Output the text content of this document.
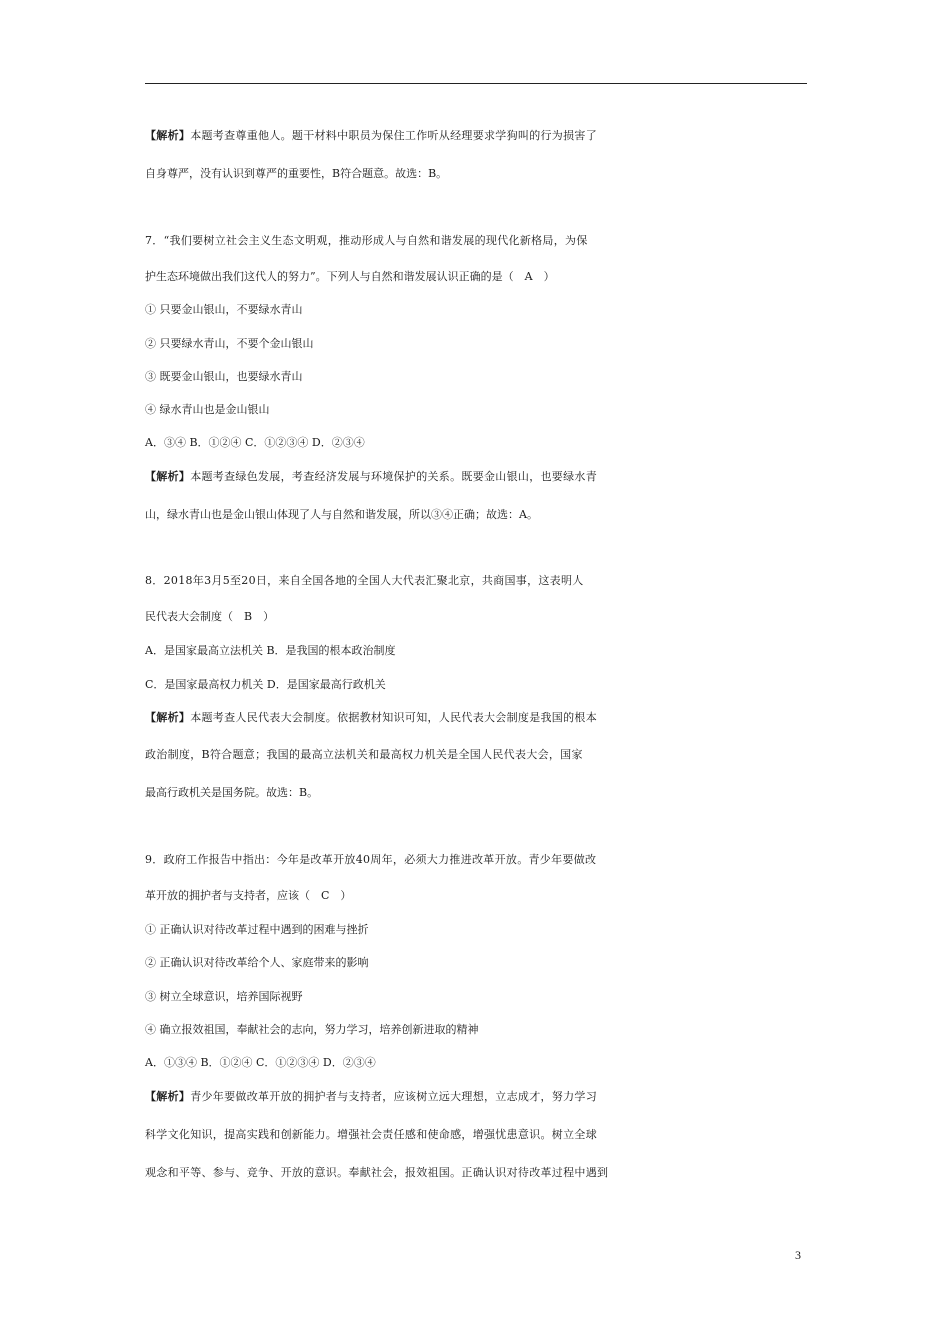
【解析】本题考查尊重他人。题干材料中职员为保住工作听从经理要求学狗叫的行为损害了
自身尊严，没有认识到尊严的重要性，B符合题意。故选：B。
7．“我们要树立社会主义生态文明观，推动形成人与自然和谐发展的现代化新格局，为保
护生态环境做出我们这代人的努力”。下列人与自然和谐发展认识正确的是（　A　）
① 只要金山银山，不要绿水青山
② 只要绿水青山，不要个金山银山
③ 既要金山银山，也要绿水青山
④ 绿水青山也是金山银山
A．③④ B．①②④ C．①②③④ D．②③④
【解析】本题考查绿色发展，考查经济发展与环境保护的关系。既要金山银山，也要绿水青
山，绿水青山也是金山银山体现了人与自然和谐发展，所以③④正确；故选：A。
8．2018年3月5至20日，来自全国各地的全国人大代表汇聚北京，共商国事，这表明人
民代表大会制度（　B　）
A．是国家最高立法机关 B．是我国的根本政治制度
C．是国家最高权力机关 D．是国家最高行政机关
【解析】本题考查人民代表大会制度。依据教材知识可知，人民代表大会制度是我国的根本
政治制度，B符合题意；我国的最高立法机关和最高权力机关是全国人民代表大会，国家
最高行政机关是国务院。故选：B。
9．政府工作报告中指出：今年是改革开放40周年，必须大力推进改革开放。青少年要做改
革开放的拥护者与支持者，应该（　C　）
① 正确认识对待改革过程中遇到的困难与挫折
② 正确认识对待改革给个人、家庭带来的影响
③ 树立全球意识，培养国际视野
④ 确立报效祖国，奉献社会的志向，努力学习，培养创新进取的精神
A．①③④ B．①②④ C．①②③④ D．②③④
【解析】青少年要做改革开放的拥护者与支持者，应该树立远大理想，立志成才，努力学习
科学文化知识，提高实践和创新能力。增强社会责任感和使命感，增强忧患意识。树立全球
观念和平等、参与、竞争、开放的意识。奉献社会，报效祖国。正确认识对待改革过程中遇到
3
